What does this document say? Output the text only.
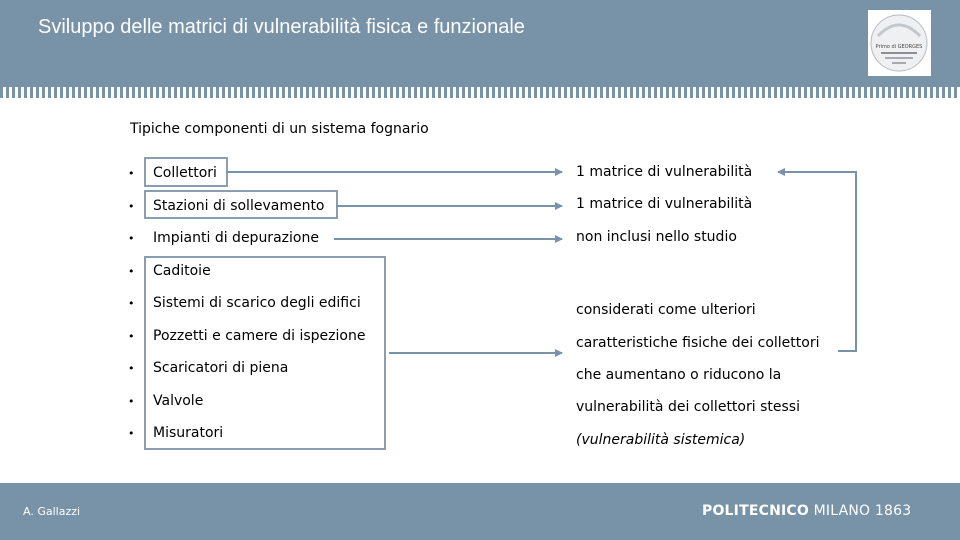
Sviluppo delle matrici di vulnerabilità fisica e funzionale
Primo di GEORGES
Tipiche componenti di un sistema fognario
• Collettori
• Stazioni di sollevamento
• Impianti di depurazione
• Caditoie
• Sistemi di scarico degli edifici
• Pozzetti e camere di ispezione
• Scaricatori di piena
• Valvole
• Misuratori
1 matrice di vulnerabilità
1 matrice di vulnerabilità
non inclusi nello studio
considerati come ulteriori
caratteristiche fisiche dei collettori
che aumentano o riducono la
vulnerabilità dei collettori stessi
(vulnerabilità sistemica)
A. Gallazzi	POLITECNICO MILANO 1863
